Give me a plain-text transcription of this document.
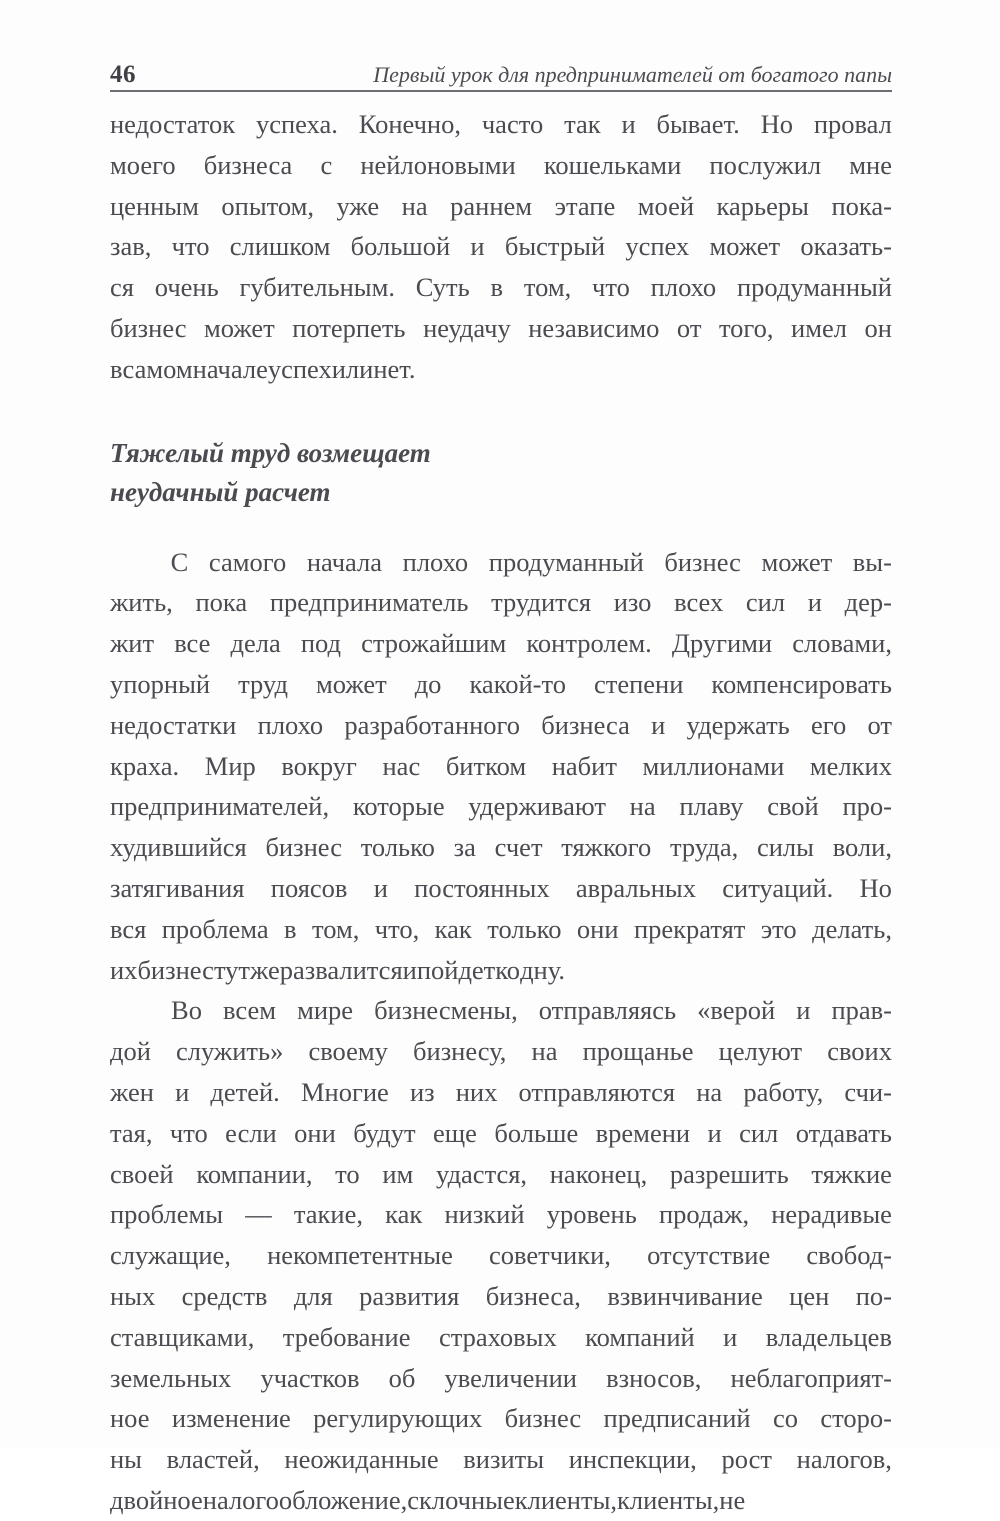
46	Первый урок для предпринимателей от богатого папы
недостаток успеха. Конечно, часто так и бывает. Но провал
моего бизнеса с нейлоновыми кошельками послужил мне
ценным опытом, уже на раннем этапе моей карьеры пока-
зав, что слишком большой и быстрый успех может оказать-
ся очень губительным. Суть в том, что плохо продуманный
бизнес может потерпеть неудачу независимо от того, имел он
в самом начале успех или нет.
Тяжелый труд возмещает
неудачный расчет
С самого начала плохо продуманный бизнес может вы-
жить, пока предприниматель трудится изо всех сил и дер-
жит все дела под строжайшим контролем. Другими словами,
упорный труд может до какой-то степени компенсировать
недостатки плохо разработанного бизнеса и удержать его от
краха. Мир вокруг нас битком набит миллионами мелких
предпринимателей, которые удерживают на плаву свой про-
худившийся бизнес только за счет тяжкого труда, силы воли,
затягивания поясов и постоянных авральных ситуаций. Но
вся проблема в том, что, как только они прекратят это делать,
их бизнес тут же развалится и пойдет ко дну.
Во всем мире бизнесмены, отправляясь «верой и прав-
дой служить» своему бизнесу, на прощанье целуют своих
жен и детей. Многие из них отправляются на работу, счи-
тая, что если они будут еще больше времени и сил отдавать
своей компании, то им удастся, наконец, разрешить тяжкие
проблемы — такие, как низкий уровень продаж, нерадивые
служащие, некомпетентные советчики, отсутствие свобод-
ных средств для развития бизнеса, взвинчивание цен по-
ставщиками, требование страховых компаний и владельцев
земельных участков об увеличении взносов, неблагоприят-
ное изменение регулирующих бизнес предписаний со сторо-
ны властей, неожиданные визиты инспекции, рост налогов,
двойное налогообложение, склочные клиенты, клиенты, не
